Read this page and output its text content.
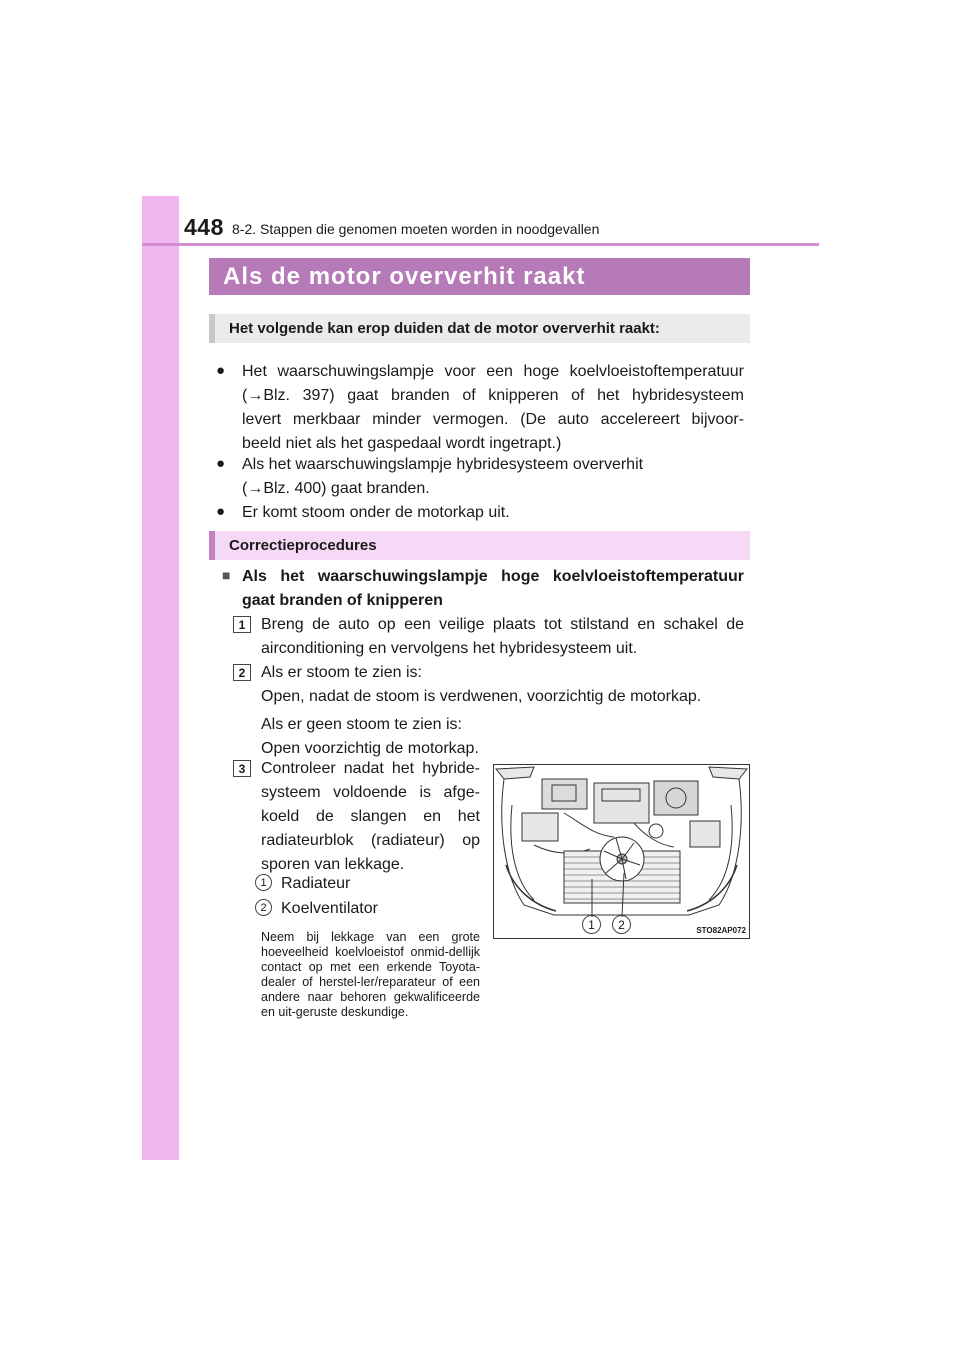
448 8-2. Stappen die genomen moeten worden in noodgevallen
Als de motor oververhit raakt
Het volgende kan erop duiden dat de motor oververhit raakt:
● Het waarschuwingslampje voor een hoge koelvloeistoftemperatuur
(→Blz. 397) gaat branden of knipperen of het hybridesysteem
levert merkbaar minder vermogen. (De auto accelereert bijvoor-
beeld niet als het gaspedaal wordt ingetrapt.)
● Als het waarschuwingslampje hybridesysteem oververhit
(→Blz. 400) gaat branden.
● Er komt stoom onder de motorkap uit.
Correctieprocedures
■ Als het waarschuwingslampje hoge koelvloeistoftemperatuur
gaat branden of knipperen
1 Breng de auto op een veilige plaats tot stilstand en schakel de
airconditioning en vervolgens het hybridesysteem uit.
2 Als er stoom te zien is:
Open, nadat de stoom is verdwenen, voorzichtig de motorkap.
Als er geen stoom te zien is:
Open voorzichtig de motorkap.
3 Controleer nadat het hybride-
systeem voldoende is afge-
koeld de slangen en het
radiateurblok (radiateur) op
sporen van lekkage.
1 Radiateur
2 Koelventilator
Neem bij lekkage van een grote hoeveelheid koelvloeistof onmid-dellijk contact op met een erkende Toyota-dealer of herstel-ler/reparateur of een andere naar behoren gekwalificeerde en uit-geruste deskundige.
1	2	STO82AP072
